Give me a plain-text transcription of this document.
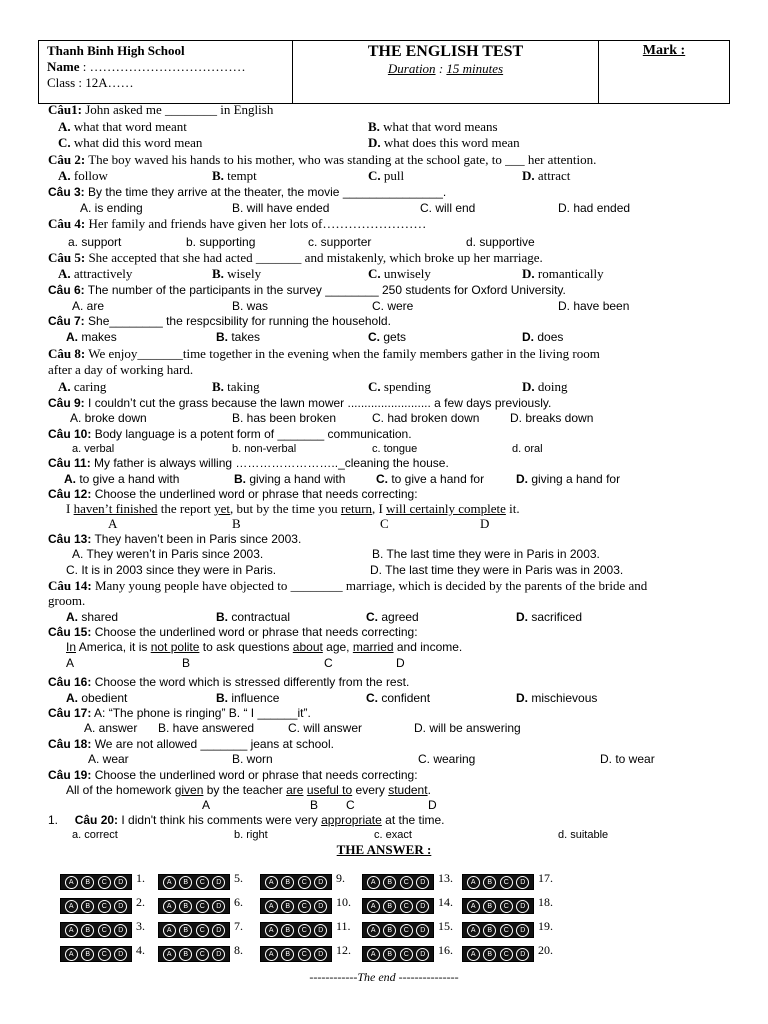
Thanh Binh High School
Name : ………………………………
Class : 12A……
THE ENGLISH TEST
Duration : 15 minutes
Mark :
Câu1: John asked me ________ in English
A. what that word meant	B. what that word means
C. what did this word mean	D. what does this word mean
Câu 2: The boy waved his hands to his mother, who was standing at the school gate, to ___ her attention.
A. follow	B. tempt	C. pull	D. attract
Câu 3: By the time they arrive at the theater, the movie _______________.
A. is ending	B. will have ended	C. will end	D. had ended
Câu 4: Her family and friends have given her lots of……………………
a. support	b. supporting	c. supporter	d. supportive
Câu 5: She accepted that she had acted _______ and mistakenly, which broke up her marriage.
A. attractively	B. wisely	C. unwisely	D. romantically
Câu 6: The number of the participants in the survey ________ 250 students for Oxford University.
A. are	B. was	C. were	D. have been
Câu 7: She________ the respсsibility for running the household.
A. makes	B. takes	C. gets	D. does
Câu 8: We enjoy_______time together in the evening when the family members gather in the living room
after a day of working hard.
A. caring	B. taking	C. spending	D. doing
Câu 9: I couldn’t cut the grass because the lawn mower ......................... a few days previously.
A. broke down	B. has been broken	C. had broken down	D. breaks down
Câu 10: Body language is a potent form of _______ communication.
a. verbal	b. non-verbal	c. tongue	d. oral
Câu 11: My father is always willing …………………….._cleaning the house.
A. to give a hand with	B. giving a hand with	C. to give a hand for	D. giving a hand for
Câu 12: Choose the underlined word or phrase that needs correcting:
I haven’t finished the report yet, but by the time you return, I will certainly complete it.
A	B	C	D
Câu 13: They haven’t been in Paris since 2003.
A. They weren’t in Paris since 2003.	B. The last time they were in Paris in 2003.
C. It is in 2003 since they were in Paris.	D. The last time they were in Paris was in 2003.
Câu 14: Many young people have objected to ________ marriage, which is decided by the parents of the bride and
groom.
A. shared	B. contractual	C. agreed	D. sacrificed
Câu 15: Choose the underlined word or phrase that needs correcting:
In America, it is not polite to ask questions about age, married and income.
A	B	C	D
Câu 16: Choose the word which is stressed differently from the rest.
A. obedient	B. influence	C. confident	D. mischievous
Câu 17: A: “The phone is ringing” B. “ I ______it”.
A. answer B. have answered	C. will answer	D. will be answering
Câu 18: We are not allowed _______ jeans at school.
A. wear	B. worn	C. wearing	D. to wear
Câu 19: Choose the underlined word or phrase that needs correcting:
All of the homework given by the teacher are useful to every student.
A	B C	D
1. Câu 20: I didn't think his comments were very appropriate at the time.
a. correct	b. right	c. exact	d. suitable
THE ANSWER :
A	B	C	D	1.	A	B	C	D	5.	A	B	C	D	9.	A	B	C	D	13.	A	B	C	D	17.
A	B	C	D	2.	A	B	C	D	6.	A	B	C	D	10.	A	B	C	D	14.	A	B	C	D	18.
A	B	C	D	3.	A	B	C	D	7.	A	B	C	D	11.	A	B	C	D	15.	A	B	C	D	19.
A	B	C	D	4.	A	B	C	D	8.	A	B	C	D	12.	A	B	C	D	16.	A	B	C	D	20.
------------The end ---------------
